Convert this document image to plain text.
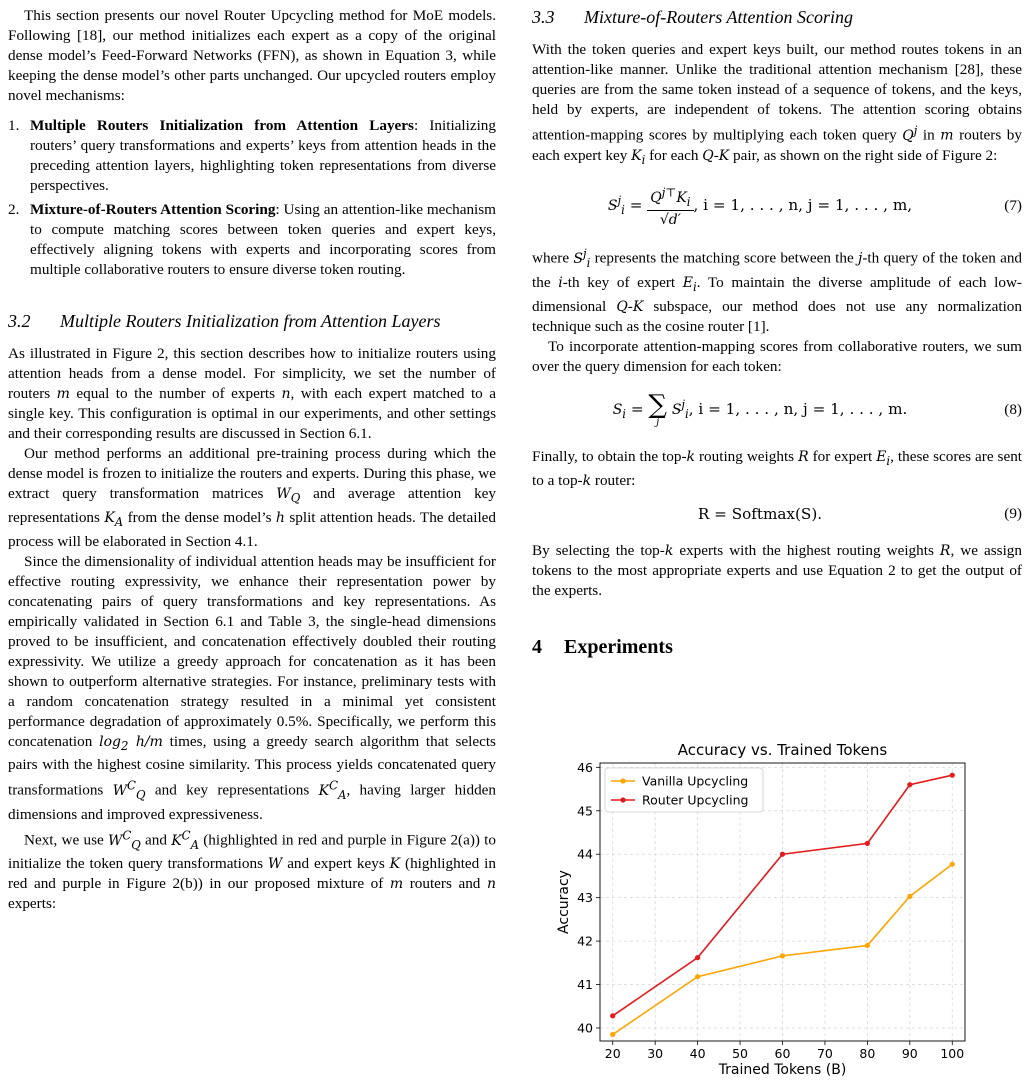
This section presents our novel Router Upcycling method for MoE models. Following [18], our method initializes each expert as a copy of the original dense model’s Feed-Forward Networks (FFN), as shown in Equation 3, while keeping the dense model’s other parts unchanged. Our upcycled routers employ novel mechanisms:

1. Multiple Routers Initialization from Attention Layers: Initializing routers’ query transformations and experts’ keys from attention heads in the preceding attention layers, highlighting token representations from diverse perspectives.
2. Mixture-of-Routers Attention Scoring: Using an attention-like mechanism to compute matching scores between token queries and expert keys, effectively aligning tokens with experts and incorporating scores from multiple collaborative routers to ensure diverse token routing.
3.2	Multiple Routers Initialization from Attention Layers

As illustrated in Figure 2, this section describes how to initialize routers using attention heads from a dense model. For simplicity, we set the number of routers m equal to the number of experts n, with each expert matched to a single key. This configuration is optimal in our experiments, and other settings and their corresponding results are discussed in Section 6.1.

Our method performs an additional pre-training process during which the dense model is frozen to initialize the routers and experts. During this phase, we extract query transformation matrices $W_Q$ and average attention key representations $K_A$ from the dense model’s h split attention heads. The detailed process will be elaborated in Section 4.1.

Since the dimensionality of individual attention heads may be insufficient for effective routing expressivity, we enhance their representation power by concatenating pairs of query transformations and key representations. As empirically validated in Section 6.1 and Table 3, the single-head dimensions proved to be insufficient, and concatenation effectively doubled their routing expressivity. We utilize a greedy approach for concatenation as it has been shown to outperform alternative strategies. For instance, preliminary tests with a random concatenation strategy resulted in a minimal yet consistent performance degradation of approximately 0.5%. Specifically, we perform this concatenation $\log_2 h/m$ times, using a greedy search algorithm that selects pairs with the highest cosine similarity. This process yields concatenated query transformations $W^C_Q$ and key representations $K^C_A$, having larger hidden dimensions and improved expressiveness.

Next, we use $W^C_Q$ and $K^C_A$ (highlighted in red and purple in Figure 2(a)) to initialize the token query transformations W and expert keys K (highlighted in red and purple in Figure 2(b)) in our proposed mixture of m routers and n experts:

3.3	Mixture-of-Routers Attention Scoring

With the token queries and expert keys built, our method routes tokens in an attention-like manner. Unlike the traditional attention mechanism [28], these queries are from the same token instead of a sequence of tokens, and the keys, held by experts, are independent of tokens. The attention scoring obtains attention-mapping scores by multiplying each token query $Q^j$ in m routers by each expert key $K_i$ for each Q-K pair, as shown on the right side of Figure 2:

$S^j_i = \frac{Q^{j⊤}K_i}{√d'}$ , i = 1, . . . , n, j = 1, . . . , m,	(7)

where $S^j_i$ represents the matching score between the j-th query of the token and the i-th key of expert $E_i$. To maintain the diverse amplitude of each low-dimensional Q-K subspace, our method does not use any normalization technique such as the cosine router [1].

To incorporate attention-mapping scores from collaborative routers, we sum over the query dimension for each token:

$S_i$ = ∑
j
$S^j_i$, i = 1, . . . , n, j = 1, . . . , m.	(8)

Finally, to obtain the top-k routing weights R for expert $E_i$, these scores are sent to a top-k router:

R = Softmax(S).	(9)

By selecting the top-k experts with the highest routing weights R, we assign tokens to the most appropriate experts and use Equation 2 to get the output of the experts.

4	Experiments
20 30 40 50 60 70 80 90 100
40
41
42
43
44
45
46
Accuracy vs. Trained Tokens
Trained Tokens (B)
Accuracy
Vanilla Upcycling
Router Upcycling
